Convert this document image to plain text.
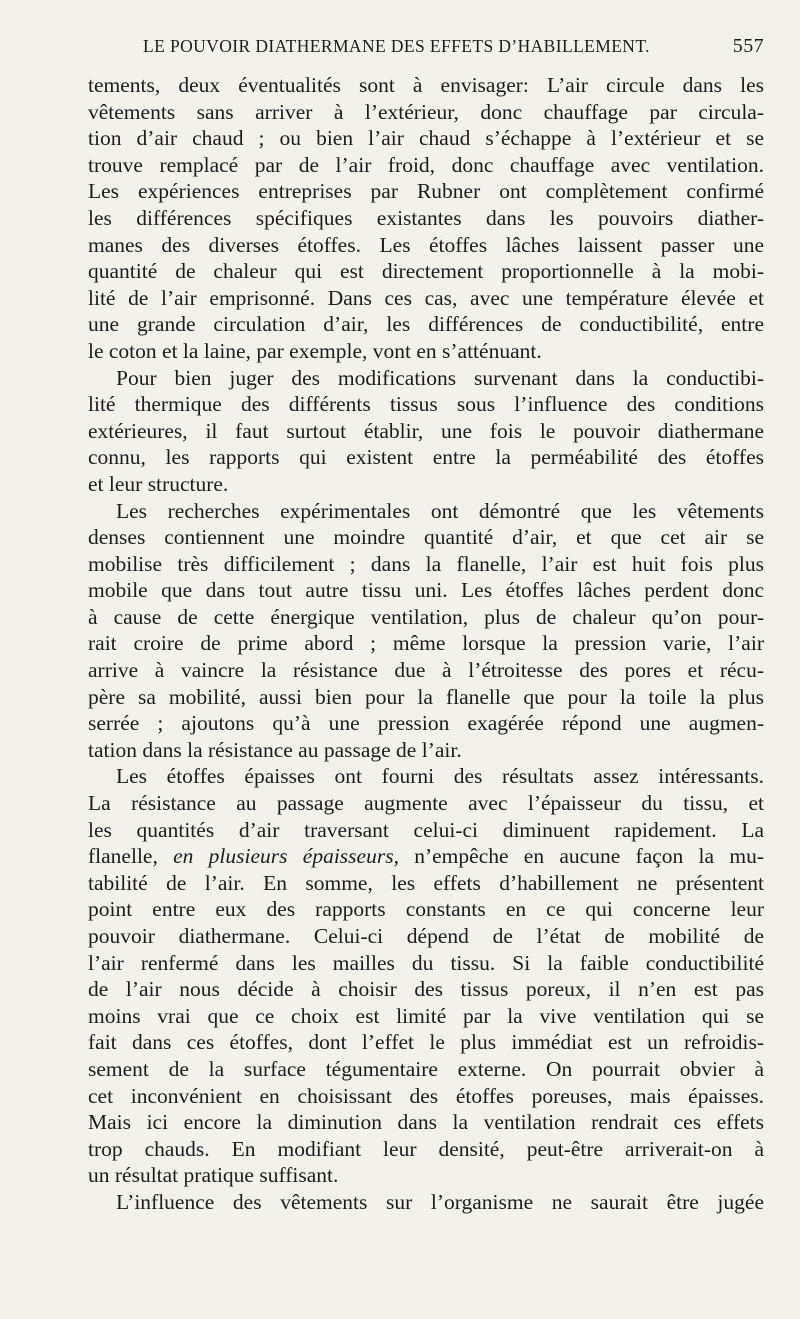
LE POUVOIR DIATHERMANE DES EFFETS D’HABILLEMENT.	557
tements, deux éventualités sont à envisager: L’air circule dans les
vêtements sans arriver à l’extérieur, donc chauffage par circula-
tion d’air chaud ; ou bien l’air chaud s’échappe à l’extérieur et se
trouve remplacé par de l’air froid, donc chauffage avec ventilation.
Les expériences entreprises par Rubner ont complètement confirmé
les différences spécifiques existantes dans les pouvoirs diather-
manes des diverses étoffes. Les étoffes lâches laissent passer une
quantité de chaleur qui est directement proportionnelle à la mobi-
lité de l’air emprisonné. Dans ces cas, avec une température élevée et
une grande circulation d’air, les différences de conductibilité, entre
le coton et la laine, par exemple, vont en s’atténuant.
Pour bien juger des modifications survenant dans la conductibi-
lité thermique des différents tissus sous l’influence des conditions
extérieures, il faut surtout établir, une fois le pouvoir diathermane
connu, les rapports qui existent entre la perméabilité des étoffes
et leur structure.
Les recherches expérimentales ont démontré que les vêtements
denses contiennent une moindre quantité d’air, et que cet air se
mobilise très difficilement ; dans la flanelle, l’air est huit fois plus
mobile que dans tout autre tissu uni. Les étoffes lâches perdent donc
à cause de cette énergique ventilation, plus de chaleur qu’on pour-
rait croire de prime abord ; même lorsque la pression varie, l’air
arrive à vaincre la résistance due à l’étroitesse des pores et récu-
père sa mobilité, aussi bien pour la flanelle que pour la toile la plus
serrée ; ajoutons qu’à une pression exagérée répond une augmen-
tation dans la résistance au passage de l’air.
Les étoffes épaisses ont fourni des résultats assez intéressants.
La résistance au passage augmente avec l’épaisseur du tissu, et
les quantités d’air traversant celui-ci diminuent rapidement. La
flanelle, en plusieurs épaisseurs, n’empêche en aucune façon la mu-
tabilité de l’air. En somme, les effets d’habillement ne présentent
point entre eux des rapports constants en ce qui concerne leur
pouvoir diathermane. Celui-ci dépend de l’état de mobilité de
l’air renfermé dans les mailles du tissu. Si la faible conductibilité
de l’air nous décide à choisir des tissus poreux, il n’en est pas
moins vrai que ce choix est limité par la vive ventilation qui se
fait dans ces étoffes, dont l’effet le plus immédiat est un refroidis-
sement de la surface tégumentaire externe. On pourrait obvier à
cet inconvénient en choisissant des étoffes poreuses, mais épaisses.
Mais ici encore la diminution dans la ventilation rendrait ces effets
trop chauds. En modifiant leur densité, peut-être arriverait-on à
un résultat pratique suffisant.
L’influence des vêtements sur l’organisme ne saurait être jugée
